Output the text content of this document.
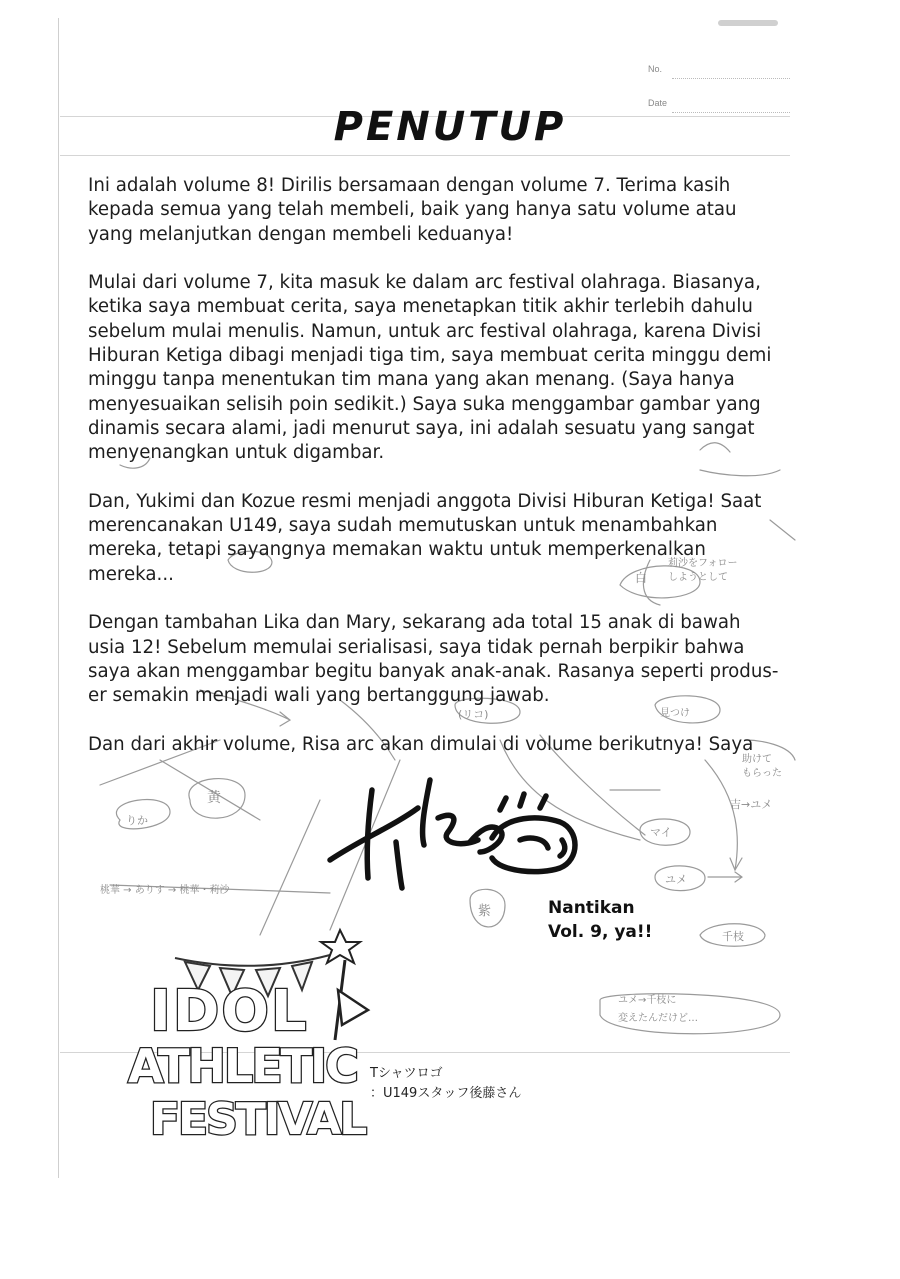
No.
Date
りか
黄
マイ
ユメ
千枝
紫
桃華 → ありす → 桃華・莉沙
吉→ユメ
(リコ)	見つけ
白
助けて もらった
ユメ→千枝に 変えたんだけど…
莉沙をフォロー しようとして
PENUTUP

Ini adalah volume 8! Dirilis bersamaan dengan volume 7. Terima kasih
kepada semua yang telah membeli, baik yang hanya satu volume atau
yang melanjutkan dengan membeli keduanya!

Mulai dari volume 7, kita masuk ke dalam arc festival olahraga. Biasanya,
ketika saya membuat cerita, saya menetapkan titik akhir terlebih dahulu
sebelum mulai menulis. Namun, untuk arc festival olahraga, karena Divisi
Hiburan Ketiga dibagi menjadi tiga tim, saya membuat cerita minggu demi
minggu tanpa menentukan tim mana yang akan menang. (Saya hanya
menyesuaikan selisih poin sedikit.) Saya suka menggambar gambar yang
dinamis secara alami, jadi menurut saya, ini adalah sesuatu yang sangat
menyenangkan untuk digambar.

Dan, Yukimi dan Kozue resmi menjadi anggota Divisi Hiburan Ketiga! Saat
merencanakan U149, saya sudah memutuskan untuk menambahkan
mereka, tetapi sayangnya memakan waktu untuk memperkenalkan
mereka...

Dengan tambahan Lika dan Mary, sekarang ada total 15 anak di bawah
usia 12! Sebelum memulai serialisasi, saya tidak pernah berpikir bahwa
saya akan menggambar begitu banyak anak-anak. Rasanya seperti produs-
er semakin menjadi wali yang bertanggung jawab.

Dan dari akhir volume, Risa arc akan dimulai di volume berikutnya! Saya

Nantikan
Vol. 9, ya!!
IDOL
ATHLETIC
FESTIVAL
Tシャツロゴ
：U149スタッフ後藤さん
